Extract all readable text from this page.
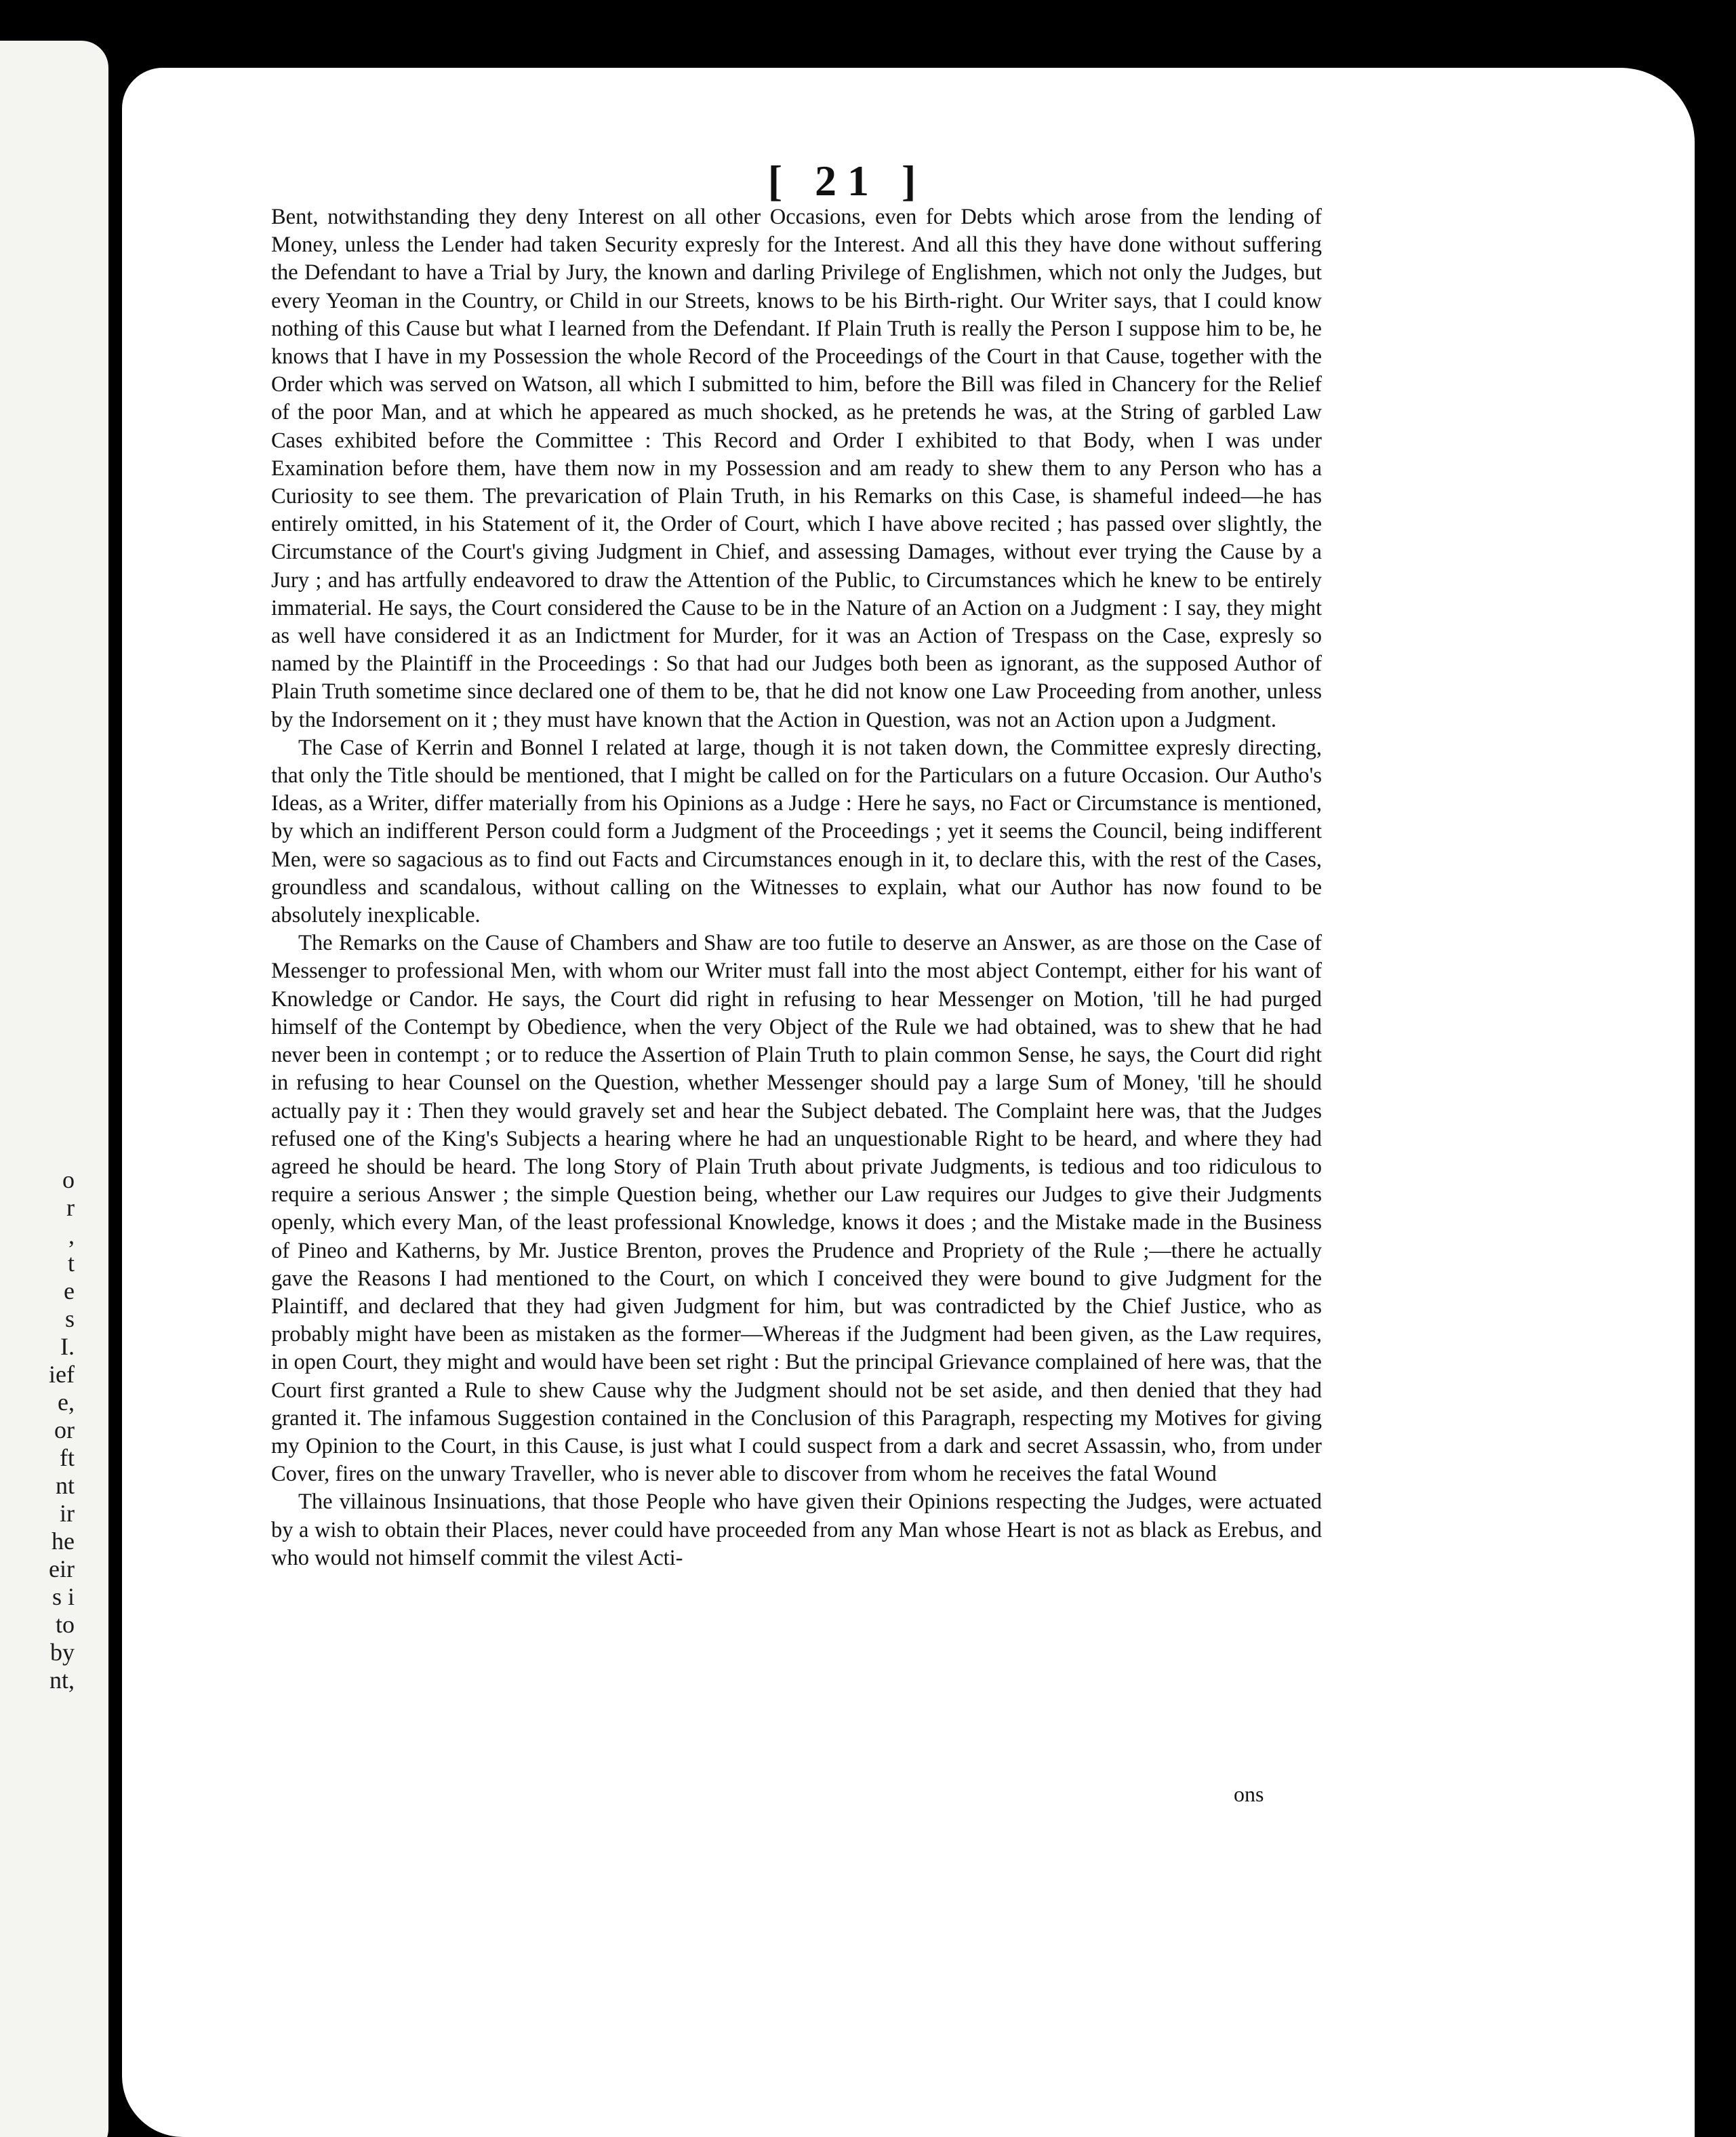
o
r
,
t
e
s
I.
ief
e,
or
ft
nt
ir
he
eir
s i
to
by
nt,
[ 21 ]

Bent, notwithstanding they deny Interest on all other Occasions, even for Debts which arose from the lending of Money, unless the Lender had taken Security expresly for the Interest. And all this they have done without suffering the Defendant to have a Trial by Jury, the known and darling Privilege of Englishmen, which not only the Judges, but every Yeoman in the Country, or Child in our Streets, knows to be his Birth-right. Our Writer says, that I could know nothing of this Cause but what I learned from the Defendant. If Plain Truth is really the Person I suppose him to be, he knows that I have in my Possession the whole Record of the Proceedings of the Court in that Cause, together with the Order which was served on Watson, all which I submitted to him, before the Bill was filed in Chancery for the Relief of the poor Man, and at which he appeared as much shocked, as he pretends he was, at the String of garbled Law Cases exhibited before the Committee : This Record and Order I exhibited to that Body, when I was under Examination before them, have them now in my Possession and am ready to shew them to any Person who has a Curiosity to see them. The prevarication of Plain Truth, in his Remarks on this Case, is shameful indeed—he has entirely omitted, in his Statement of it, the Order of Court, which I have above recited ; has passed over slightly, the Circumstance of the Court's giving Judgment in Chief, and assessing Damages, without ever trying the Cause by a Jury ; and has artfully endeavored to draw the Attention of the Public, to Circumstances which he knew to be entirely immaterial. He says, the Court considered the Cause to be in the Nature of an Action on a Judgment : I say, they might as well have considered it as an Indictment for Murder, for it was an Action of Trespass on the Case, expresly so named by the Plaintiff in the Proceedings : So that had our Judges both been as ignorant, as the supposed Author of Plain Truth sometime since declared one of them to be, that he did not know one Law Proceeding from another, unless by the Indorsement on it ; they must have known that the Action in Question, was not an Action upon a Judgment.

The Case of Kerrin and Bonnel I related at large, though it is not taken down, the Committee expresly directing, that only the Title should be mentioned, that I might be called on for the Particulars on a future Occasion. Our Autho's Ideas, as a Writer, differ materially from his Opinions as a Judge : Here he says, no Fact or Circumstance is mentioned, by which an indifferent Person could form a Judgment of the Proceedings ; yet it seems the Council, being indifferent Men, were so sagacious as to find out Facts and Circumstances enough in it, to declare this, with the rest of the Cases, groundless and scandalous, without calling on the Witnesses to explain, what our Author has now found to be absolutely inexplicable.

The Remarks on the Cause of Chambers and Shaw are too futile to deserve an Answer, as are those on the Case of Messenger to professional Men, with whom our Writer must fall into the most abject Contempt, either for his want of Knowledge or Candor. He says, the Court did right in refusing to hear Messenger on Motion, 'till he had purged himself of the Contempt by Obedience, when the very Object of the Rule we had obtained, was to shew that he had never been in contempt ; or to reduce the Assertion of Plain Truth to plain common Sense, he says, the Court did right in refusing to hear Counsel on the Question, whether Messenger should pay a large Sum of Money, 'till he should actually pay it : Then they would gravely set and hear the Subject debated. The Complaint here was, that the Judges refused one of the King's Subjects a hearing where he had an unquestionable Right to be heard, and where they had agreed he should be heard. The long Story of Plain Truth about private Judgments, is tedious and too ridiculous to require a serious Answer ; the simple Question being, whether our Law requires our Judges to give their Judgments openly, which every Man, of the least professional Knowledge, knows it does ; and the Mistake made in the Business of Pineo and Katherns, by Mr. Justice Brenton, proves the Prudence and Propriety of the Rule ;—there he actually gave the Reasons I had mentioned to the Court, on which I conceived they were bound to give Judgment for the Plaintiff, and declared that they had given Judgment for him, but was contradicted by the Chief Justice, who as probably might have been as mistaken as the former—Whereas if the Judgment had been given, as the Law requires, in open Court, they might and would have been set right : But the principal Grievance complained of here was, that the Court first granted a Rule to shew Cause why the Judgment should not be set aside, and then denied that they had granted it. The infamous Suggestion contained in the Conclusion of this Paragraph, respecting my Motives for giving my Opinion to the Court, in this Cause, is just what I could suspect from a dark and secret Assassin, who, from under Cover, fires on the unwary Traveller, who is never able to discover from whom he receives the fatal Wound

The villainous Insinuations, that those People who have given their Opinions respecting the Judges, were actuated by a wish to obtain their Places, never could have proceeded from any Man whose Heart is not as black as Erebus, and who would not himself commit the vilest Acti-

ons
